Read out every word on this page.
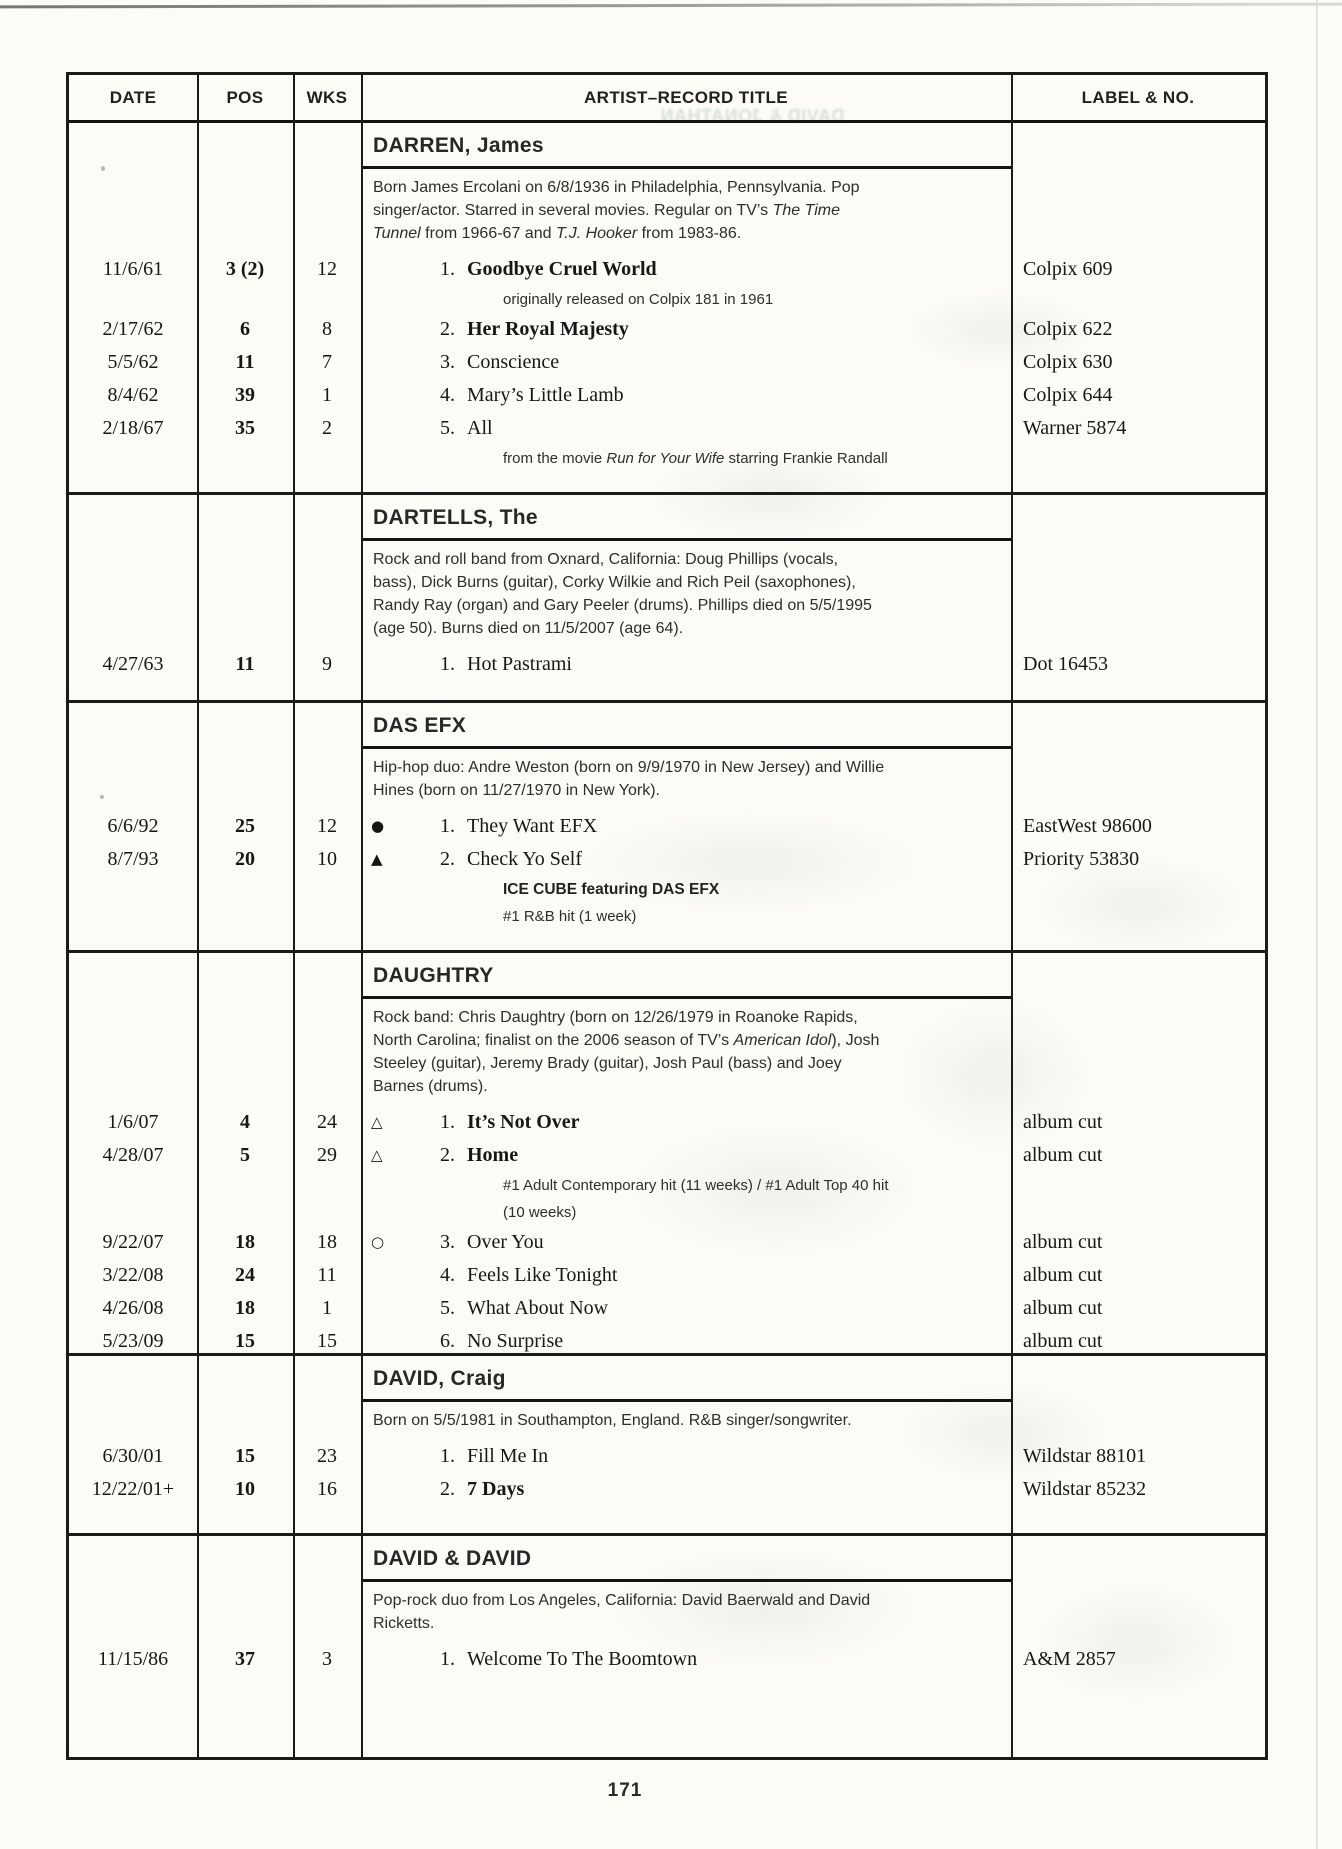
DAVID & JONATHAN
DATE	POS	WKS	ARTIST–RECORD TITLE	LABEL & NO.
DARREN, James
Born James Ercolani on 6/8/1936 in Philadelphia, Pennsylvania. Pop singer/actor. Starred in several movies. Regular on TV’s The Time Tunnel from 1966-67 and T.J. Hooker from 1983-86.
11/6/61	3 (2)	12	1. Goodbye Cruel World	Colpix 609
originally released on Colpix 181 in 1961
2/17/62	6	8	2. Her Royal Majesty	Colpix 622
5/5/62	11	7	3. Conscience	Colpix 630
8/4/62	39	1	4. Mary’s Little Lamb	Colpix 644
2/18/67	35	2	5. All	Warner 5874
from the movie Run for Your Wife starring Frankie Randall
DARTELLS, The
Rock and roll band from Oxnard, California: Doug Phillips (vocals, bass), Dick Burns (guitar), Corky Wilkie and Rich Peil (saxophones), Randy Ray (organ) and Gary Peeler (drums). Phillips died on 5/5/1995 (age 50). Burns died on 11/5/2007 (age 64).
4/27/63	11	9	1. Hot Pastrami	Dot 16453
DAS EFX
Hip-hop duo: Andre Weston (born on 9/9/1970 in New Jersey) and Willie Hines (born on 11/27/1970 in New York).
6/6/92	25	12	●	1. They Want EFX	EastWest 98600
8/7/93	20	10	▲	2. Check Yo Self	Priority 53830
ICE CUBE featuring DAS EFX
#1 R&B hit (1 week)
DAUGHTRY
Rock band: Chris Daughtry (born on 12/26/1979 in Roanoke Rapids, North Carolina; finalist on the 2006 season of TV’s American Idol), Josh Steeley (guitar), Jeremy Brady (guitar), Josh Paul (bass) and Joey Barnes (drums).
1/6/07	4	24	△	1. It’s Not Over	album cut
4/28/07	5	29	△	2. Home	album cut
#1 Adult Contemporary hit (11 weeks) / #1 Adult Top 40 hit (10 weeks)
9/22/07	18	18	○	3. Over You	album cut
3/22/08	24	11	4. Feels Like Tonight	album cut
4/26/08	18	1	5. What About Now	album cut
5/23/09	15	15	6. No Surprise	album cut
DAVID, Craig
Born on 5/5/1981 in Southampton, England. R&B singer/songwriter.
6/30/01	15	23	1. Fill Me In	Wildstar 88101
12/22/01+	10	16	2. 7 Days	Wildstar 85232
DAVID & DAVID
Pop-rock duo from Los Angeles, California: David Baerwald and David Ricketts.
11/15/86	37	3	1. Welcome To The Boomtown	A&M 2857
171
